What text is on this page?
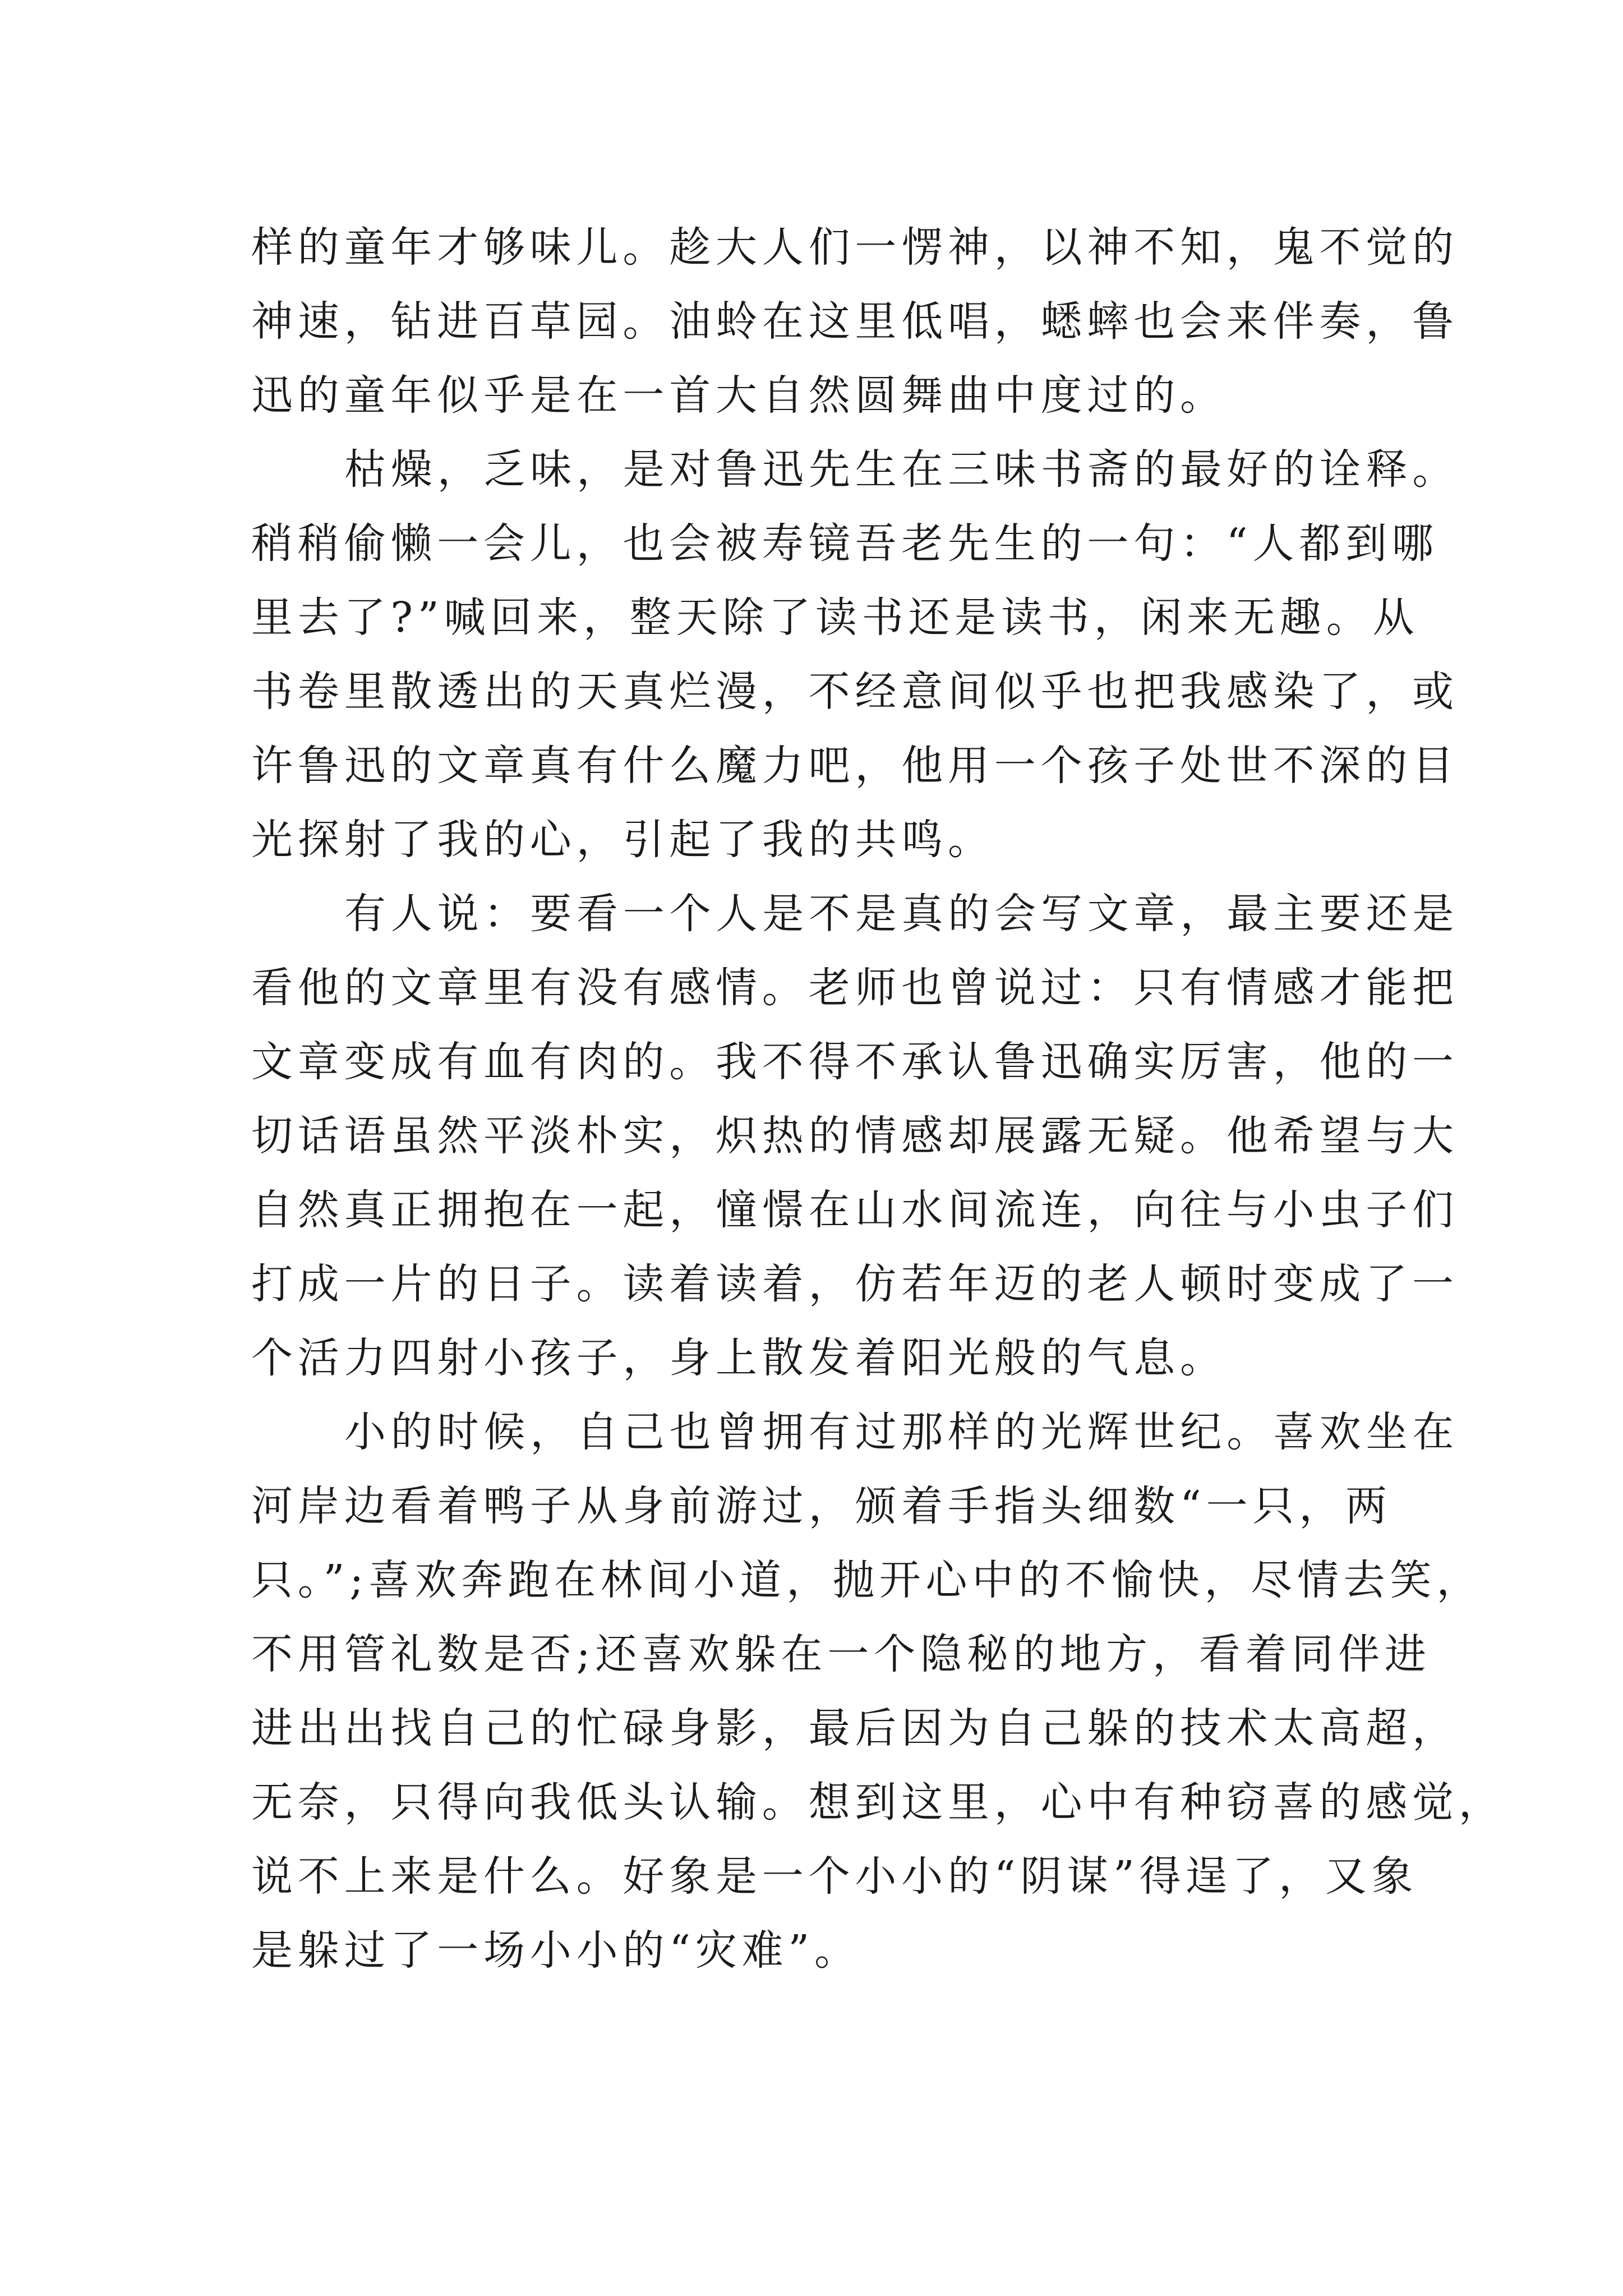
样的童年才够味儿。趁大人们一愣神，以神不知，鬼不觉的
神速，钻进百草园。油蛉在这里低唱，蟋蟀也会来伴奏，鲁
迅的童年似乎是在一首大自然圆舞曲中度过的。
枯燥，乏味，是对鲁迅先生在三味书斋的最好的诠释。
稍稍偷懒一会儿，也会被寿镜吾老先生的一句：“人都到哪
里去了?”喊回来，整天除了读书还是读书，闲来无趣。从
书卷里散透出的天真烂漫，不经意间似乎也把我感染了，或
许鲁迅的文章真有什么魔力吧，他用一个孩子处世不深的目
光探射了我的心，引起了我的共鸣。
有人说：要看一个人是不是真的会写文章，最主要还是
看他的文章里有没有感情。老师也曾说过：只有情感才能把
文章变成有血有肉的。我不得不承认鲁迅确实厉害，他的一
切话语虽然平淡朴实，炽热的情感却展露无疑。他希望与大
自然真正拥抱在一起，憧憬在山水间流连，向往与小虫子们
打成一片的日子。读着读着，仿若年迈的老人顿时变成了一
个活力四射小孩子，身上散发着阳光般的气息。
小的时候，自己也曾拥有过那样的光辉世纪。喜欢坐在
河岸边看着鸭子从身前游过，颁着手指头细数“一只，两
只。”;喜欢奔跑在林间小道，抛开心中的不愉快，尽情去笑，
不用管礼数是否;还喜欢躲在一个隐秘的地方，看着同伴进
进出出找自己的忙碌身影，最后因为自己躲的技术太高超，
无奈，只得向我低头认输。想到这里，心中有种窃喜的感觉，
说不上来是什么。好象是一个小小的“阴谋”得逞了，又象
是躲过了一场小小的“灾难”。
